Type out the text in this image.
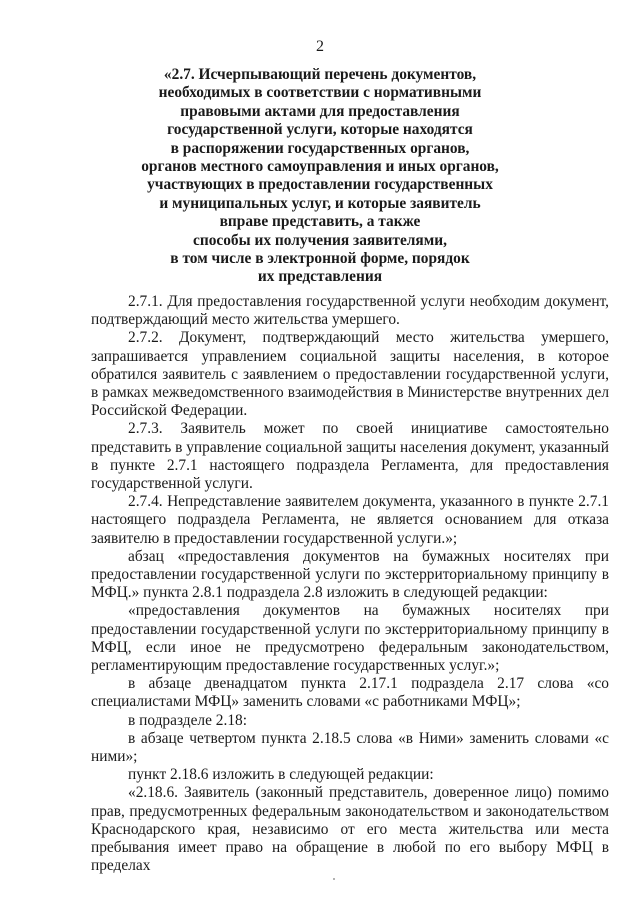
2
«2.7. Исчерпывающий перечень документов,
необходимых в соответствии с нормативными
правовыми актами для предоставления
государственной услуги, которые находятся
в распоряжении государственных органов,
органов местного самоуправления и иных органов,
участвующих в предоставлении государственных
и муниципальных услуг, и которые заявитель
вправе представить, а также
способы их получения заявителями,
в том числе в электронной форме, порядок
их представления

2.7.1. Для предоставления государственной услуги необходим документ, подтверждающий место жительства умершего.

2.7.2. Документ, подтверждающий место жительства умершего, запрашивается управлением социальной защиты населения, в которое обратился заявитель с заявлением о предоставлении государственной услуги, в рамках межведомственного взаимодействия в Министерстве внутренних дел Российской Федерации.

2.7.3. Заявитель может по своей инициативе самостоятельно представить в управление социальной защиты населения документ, указанный в пункте 2.7.1 настоящего подраздела Регламента, для предоставления государственной услуги.

2.7.4. Непредставление заявителем документа, указанного в пункте 2.7.1 настоящего подраздела Регламента, не является основанием для отказа заявителю в предоставлении государственной услуги.»;

абзац «предоставления документов на бумажных носителях при предоставлении государственной услуги по экстерриториальному принципу в МФЦ.» пункта 2.8.1 подраздела 2.8 изложить в следующей редакции:

«предоставления документов на бумажных носителях при предоставлении государственной услуги по экстерриториальному принципу в МФЦ, если иное не предусмотрено федеральным законодательством, регламентирующим предоставление государственных услуг.»;

в абзаце двенадцатом пункта 2.17.1 подраздела 2.17 слова «со специалистами МФЦ» заменить словами «с работниками МФЦ»;

в подразделе 2.18:

в абзаце четвертом пункта 2.18.5 слова «в Ними» заменить словами «с ними»;

пункт 2.18.6 изложить в следующей редакции:

«2.18.6. Заявитель (законный представитель, доверенное лицо) помимо прав, предусмотренных федеральным законодательством и законодательством Краснодарского края, независимо от его места жительства или места пребывания имеет право на обращение в любой по его выбору МФЦ в пределах
